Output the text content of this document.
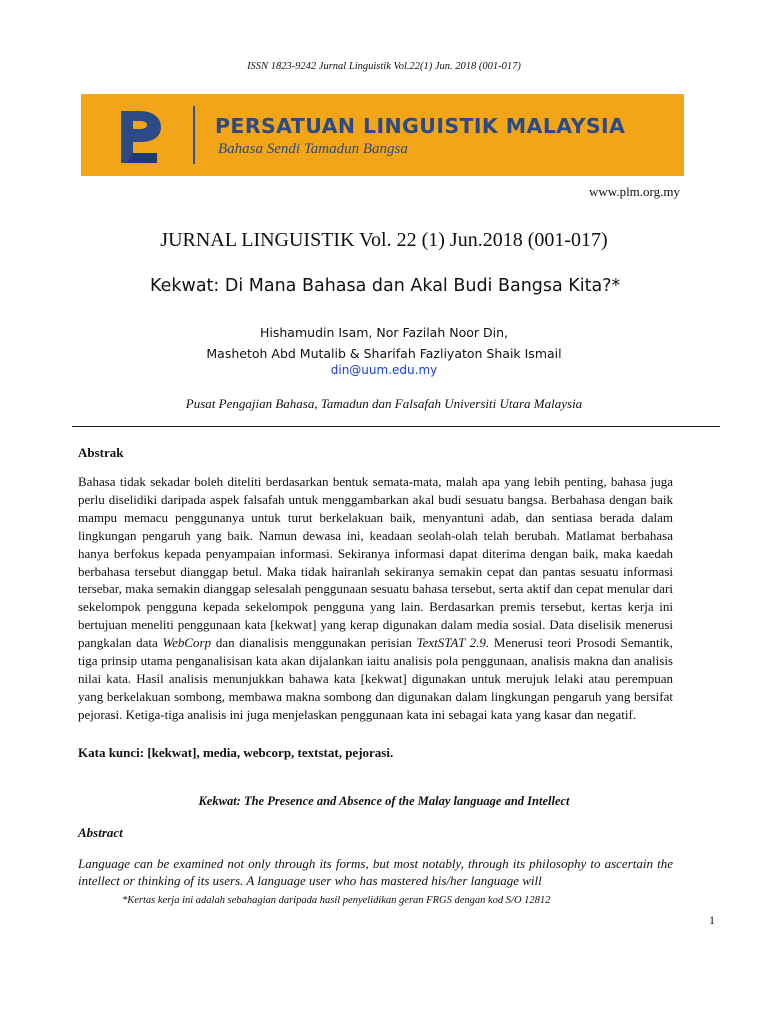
ISSN 1823-9242 Jurnal Linguistik Vol.22(1) Jun. 2018 (001-017)
PERSATUAN LINGUISTIK MALAYSIA
Bahasa Sendi Tamadun Bangsa
www.plm.org.my
JURNAL LINGUISTIK Vol. 22 (1) Jun.2018 (001-017)
Kekwat: Di Mana Bahasa dan Akal Budi Bangsa Kita?*
Hishamudin Isam, Nor Fazilah Noor Din,
Mashetoh Abd Mutalib & Sharifah Fazliyaton Shaik Ismail
din@uum.edu.my
Pusat Pengajian Bahasa, Tamadun dan Falsafah Universiti Utara Malaysia
Abstrak
Bahasa tidak sekadar boleh diteliti berdasarkan bentuk semata-mata, malah apa yang lebih penting, bahasa juga perlu diselidiki daripada aspek falsafah untuk menggambarkan akal budi sesuatu bangsa. Berbahasa dengan baik mampu memacu penggunanya untuk turut berkelakuan baik, menyantuni adab, dan sentiasa berada dalam lingkungan pengaruh yang baik. Namun dewasa ini, keadaan seolah-olah telah berubah. Matlamat berbahasa hanya berfokus kepada penyampaian informasi. Sekiranya informasi dapat diterima dengan baik, maka kaedah berbahasa tersebut dianggap betul. Maka tidak hairanlah sekiranya semakin cepat dan pantas sesuatu informasi tersebar, maka semakin dianggap selesalah penggunaan sesuatu bahasa tersebut, serta aktif dan cepat menular dari sekelompok pengguna kepada sekelompok pengguna yang lain. Berdasarkan premis tersebut, kertas kerja ini bertujuan meneliti penggunaan kata [kekwat] yang kerap digunakan dalam media sosial. Data diselisik menerusi pangkalan data WebCorp dan dianalisis menggunakan perisian TextSTAT 2.9. Menerusi teori Prosodi Semantik, tiga prinsip utama penganalisisan kata akan dijalankan iaitu analisis pola penggunaan, analisis makna dan analisis nilai kata. Hasil analisis menunjukkan bahawa kata [kekwat] digunakan untuk merujuk lelaki atau perempuan yang berkelakuan sombong, membawa makna sombong dan digunakan dalam lingkungan pengaruh yang bersifat pejorasi. Ketiga-tiga analisis ini juga menjelaskan penggunaan kata ini sebagai kata yang kasar dan negatif.
Kata kunci: [kekwat], media, webcorp, textstat, pejorasi.
Kekwat: The Presence and Absence of the Malay language and Intellect
Abstract
Language can be examined not only through its forms, but most notably, through its philosophy to ascertain the intellect or thinking of its users. A language user who has mastered his/her language will
*Kertas kerja ini adalah sebahagian daripada hasil penyelidikan geran FRGS dengan kod S/O 12812
1
